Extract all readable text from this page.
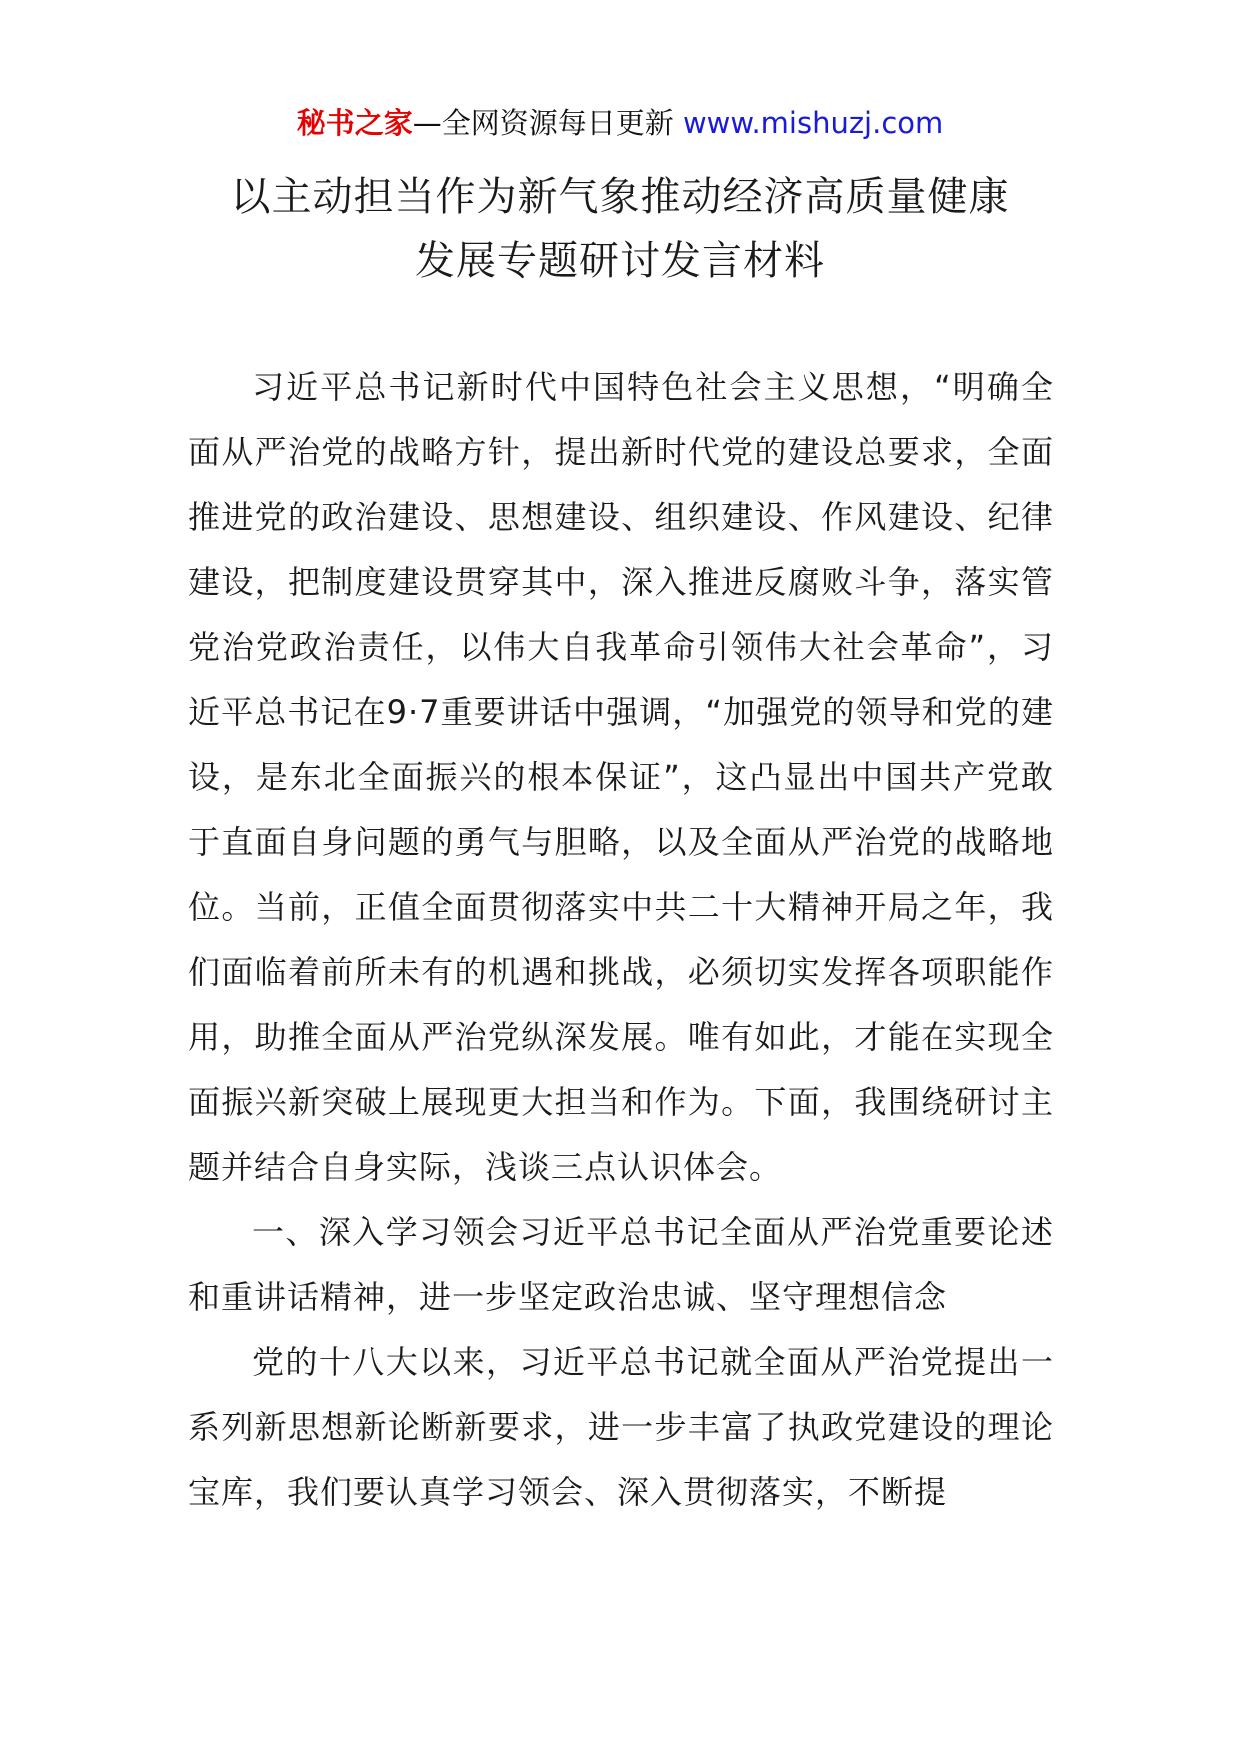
秘书之家—全网资源每日更新 www.mishuzj.com
以主动担当作为新气象推动经济高质量健康
发展专题研讨发言材料

习近平总书记新时代中国特色社会主义思想，“明确全面从严治党的战略方针，提出新时代党的建设总要求，全面推进党的政治建设、思想建设、组织建设、作风建设、纪律建设，把制度建设贯穿其中，深入推进反腐败斗争，落实管党治党政治责任，以伟大自我革命引领伟大社会革命”，习近平总书记在9·7重要讲话中强调，“加强党的领导和党的建设，是东北全面振兴的根本保证”，这凸显出中国共产党敢于直面自身问题的勇气与胆略，以及全面从严治党的战略地位。当前，正值全面贯彻落实中共二十大精神开局之年，我们面临着前所未有的机遇和挑战，必须切实发挥各项职能作用，助推全面从严治党纵深发展。唯有如此，才能在实现全面振兴新突破上展现更大担当和作为。下面，我围绕研讨主题并结合自身实际，浅谈三点认识体会。

一、深入学习领会习近平总书记全面从严治党重要论述和重讲话精神，进一步坚定政治忠诚、坚守理想信念

党的十八大以来，习近平总书记就全面从严治党提出一系列新思想新论断新要求，进一步丰富了执政党建设的理论宝库，我们要认真学习领会、深入贯彻落实，不断提
